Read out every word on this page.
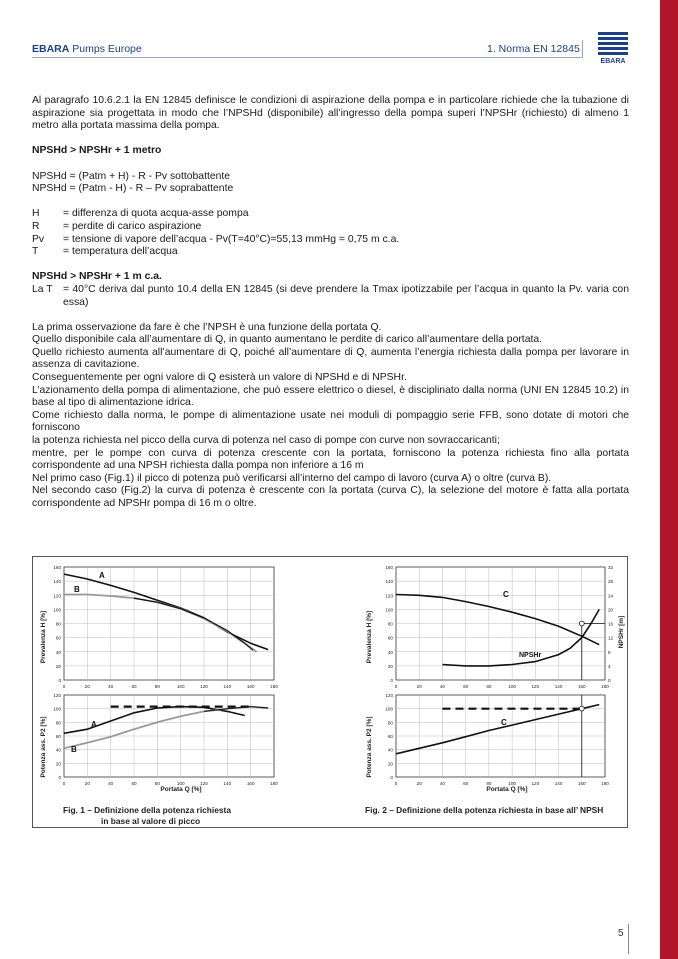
EBARA Pumps Europe	1. Norma EN 12845
EBARA

Al paragrafo 10.6.2.1 la EN 12845 definisce le condizioni di aspirazione della pompa e in particolare richiede che la tubazione di aspirazione sia progettata in modo che l’NPSHd (disponibile) all’ingresso della pompa superi l’NPSHr (richiesto) di almeno 1 metro alla portata massima della pompa.

NPSHd > NPSHr + 1 metro

NPSHd = (Patm + H) - R - Pv sottobattente

NPSHd = (Patm - H) - R – Pv soprabattente

H	= differenza di quota acqua-asse pompa
R	= perdite di carico aspirazione
Pv	= tensione di vapore dell’acqua - Pv(T=40°C)=55,13 mmHg = 0,75 m c.a.
T	= temperatura dell’acqua

NPSHd > NPSHr + 1 m c.a.

La T	= 40°C deriva dal punto 10.4 della EN 12845 (si deve prendere la Tmax ipotizzabile per l’acqua in quanto la Pv. varia con essa)

La prima osservazione da fare è che l’NPSH è una funzione della portata Q.

Quello disponibile cala all’aumentare di Q, in quanto aumentano le perdite di carico all’aumentare della portata.

Quello richiesto aumenta all’aumentare di Q, poiché all’aumentare di Q, aumenta l’energia richiesta dalla pompa per lavorare in assenza di cavitazione.

Conseguentemente per ogni valore di Q esisterà un valore di NPSHd e di NPSHr.

L’azionamento della pompa di alimentazione, che può essere elettrico o diesel, è disciplinato dalla norma (UNI EN 12845 10.2) in base al tipo di alimentazione idrica.

Come richiesto dalla norma, le pompe di alimentazione usate nei moduli di pompaggio serie FFB, sono dotate di motori che forniscono

la potenza richiesta nel picco della curva di potenza nel caso di pompe con curve non sovraccaricanti;

mentre, per le pompe con curva di potenza crescente con la portata, forniscono la potenza richiesta fino alla portata corrispondente ad una NPSH richiesta dalla pompa non inferiore a 16 m

Nel primo caso (Fig.1) il picco di potenza può verificarsi all’interno del campo di lavoro (curva A) o oltre (curva B).

Nel secondo caso (Fig.2) la curva di potenza è crescente con la portata (curva C), la selezione del motore è fatta alla portata corrispondente ad NPSHr pompa di 16 m o oltre.

0
20
40
60
80
100
120
140
160
0	20	40	60	80	100	120	140	160	180
0
20
40
60
80
100
120
0	20	40	60	80	100	120	140	160	180
Prevalenza H [%]
Potenza ass. P2 [%]
Portata Q [%]
A
B
A
B
Fig. 1 – Definizione della potenza richiesta
in base al valore di picco
0
20
40
60
80
100
120
140
160
0
4
8
12
16
20
24
28
32
0	20	40	60	80	100	120	140	160	180
0
20
40
60
80
100
120
0	20	40	60	80	100	120	140	160	180
Prevalenza H [%]
Potenza ass. P2 [%]
NPSHr [m]
Portata Q [%]
C
NPSHr
C
Fig. 2 – Definizione della potenza richiesta in base all’ NPSH
5
